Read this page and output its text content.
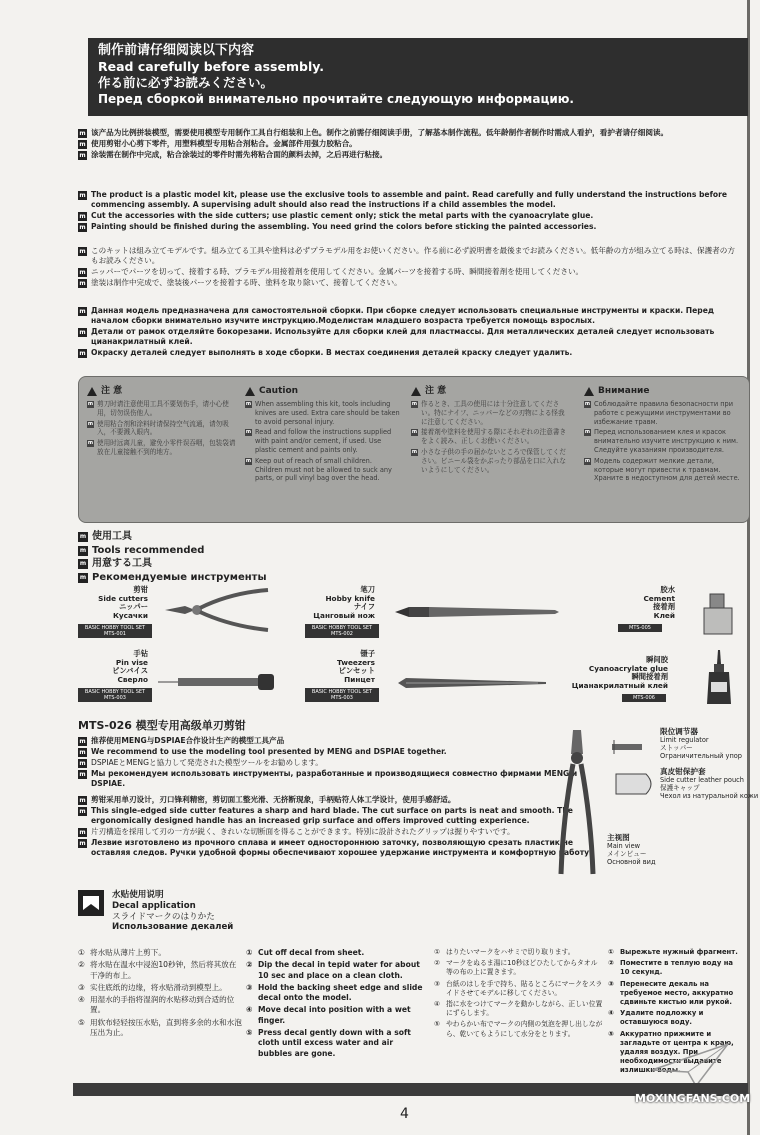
制作前请仔细阅读以下内容
Read carefully before assembly.
作る前に必ずお読みください。
Перед сборкой внимательно прочитайте следующую информацию.
m 该产品为比例拼装模型，需要使用模型专用制作工具自行组装和上色。制作之前需仔细阅读手册，了解基本制作流程。低年龄制作者制作时需成人看护，看护者请仔细阅读。
m 使用剪钳小心剪下零件，用塑料模型专用粘合剂粘合。金属部件用强力胶粘合。
m 涂装需在制作中完成，粘合涂装过的零件时需先将粘合面的颜料去掉，之后再进行粘接。
m The product is a plastic model kit, please use the exclusive tools to assemble and paint. Read carefully and fully understand the instructions before commencing assembly. A supervising adult should also read the instructions if a child assembles the model.
m Cut the accessories with the side cutters; use plastic cement only; stick the metal parts with the cyanoacrylate glue.
m Painting should be finished during the assembling. You need grind the colors before sticking the painted accessories.
m このキットは組み立てモデルです。組み立てる工具や塗料は必ずプラモデル用をお使いください。作る前に必ず説明書を最後までお読みください。低年齢の方が組み立てる時は、保護者の方もお読みください。
m ニッパーでパーツを切って、接着する時、プラモデル用接着剤を使用してください。金属パーツを接着する時、瞬間接着剤を使用してください。
m 塗装は制作中完成で、塗装後パーツを接着する時、塗料を取り除いて、接着してください。
m Данная модель предназначена для самостоятельной сборки. При сборке следует использовать специальные инструменты и краски. Перед началом сборки внимательно изучите инструкцию.Моделистам младшего возраста требуется помощь взрослых.
m Детали от рамок отделяйте бокорезами. Используйте для сборки клей для пластмассы. Для металлических деталей следует использовать цианакрилатный клей.
m Окраску деталей следует выполнять в ходе сборки. В местах соединения деталей краску следует удалить.
注 意
m 剪刀时请注意使用工具不要划伤手，请小心使用，切勿误伤他人。
m 使用粘合剂和涂料时请保持空气流通，请勿吸入，不要溅入眼内。
m 使用时远离儿童，避免小零件误吞咽，包装袋请放在儿童接触不到的地方。
Caution
m When assembling this kit, tools including knives are used. Extra care should be taken to avoid personal injury.
m Read and follow the instructions supplied with paint and/or cement, if used. Use plastic cement and paints only.
m Keep out of reach of small children. Children must not be allowed to suck any parts, or pull vinyl bag over the head.
注 意
m 作るとき、工具の使用には十分注意してください。特にナイフ、ニッパーなどの刃物による怪我に注意してください。
m 接着剤や塗料を使用する際にそれぞれの注意書きをよく読み、正しくお使いください。
m 小さな子供の手の届かないところで保管してください。ビニール袋をかぶったり部品を口に入れないようにしてください。
Внимание
m Соблюдайте правила безопасности при работе с режущими инструментами во избежание травм.
m Перед использованием клея и красок внимательно изучите инструкцию к ним. Следуйте указаниям производителя.
m Модель содержит мелкие детали, которые могут привести к травмам. Храните в недоступном для детей месте.
m 使用工具
m Tools recommended
m 用意する工具
m Рекомендуемые инструменты
剪钳
Side cutters
ニッパー
Кусачки
BASIC HOBBY TOOL SET
MTS-001
笔刀
Hobby knife
ナイフ
Цанговый нож
BASIC HOBBY TOOL SET
MTS-002
胶水
Cement
接着剤
Клей
MTS-005
手钻
Pin vise
ピンバイス
Сверло
BASIC HOBBY TOOL SET
MTS-003
镊子
Tweezers
ピンセット
Пинцет
BASIC HOBBY TOOL SET
MTS-003
瞬间胶
Cyanoacrylate glue
瞬間接着剤
Цианакрилатный клей
MTS-006
MTS-026 模型专用高级单刃剪钳
m 推荐使用MENG与DSPIAE合作设计生产的模型工具产品
m We recommend to use the modeling tool presented by MENG and DSPIAE together.
m DSPIAEとMENGと協力して発売された模型ツールをお勧めします。
m Мы рекомендуем использовать инструменты, разработанные и производящиеся совместно фирмами MENG и DSPIAE.
m 剪钳采用单刃设计，刃口锋利精密，剪切面工整光滑、无挤断现象，手柄贴符人体工学设计，使用手感舒适。
m This single-edged side cutter features a sharp and hard blade. The cut surface on parts is neat and smooth. The ergonomically designed handle has an increased grip surface and offers improved cutting experience.
m 片刃構造を採用して刃の一方が鋭く、きれいな切断面を得ることができます。特別に設計されたグリップは握りやすいです。
m Лезвие изготовлено из прочного сплава и имеет одностороннюю заточку, позволяющую срезать пластик не оставляя следов. Ручки удобной формы обеспечивают хорошее удержание инструмента и комфортную работу.
限位调节器
Limit regulator
ストッパー
Ограничительный упор
真皮钳保护套
Side cutter leather pouch
保護キャップ
Чехол из натуральной кожи
主视图
Main view
メインビュー
Основной вид
水贴使用说明
Decal application
スライドマークのはりかた
Использование декалей
① 将水贴从薄片上剪下。
② 将水贴在温水中浸泡10秒钟，然后将其放在干净的布上。
③ 实住底纸的边缘，将水贴滑动到模型上。
④ 用湿水的手指将湿润的水贴移动到合适的位置。
⑤ 用软布轻轻按压水贴，直到将多余的水和水泡压出为止。
① Cut off decal from sheet.
② Dip the decal in tepid water for about 10 sec and place on a clean cloth.
③ Hold the backing sheet edge and slide decal onto the model.
④ Move decal into position with a wet finger.
⑤ Press decal gently down with a soft cloth until excess water and air bubbles are gone.
① はりたいマークをハサミで切り取ります。
② マークをぬるま湯に10秒ほどひたしてからタオル等の布の上に置きます。
③ 台紙のはしを手で持ち、貼るところにマークをスライドさせてモデルに移してください。
④ 指に水をつけてマークを動かしながら、正しい位置にずらします。
⑤ やわらかい布でマークの内側の気泡を押し出しながら、乾いてもようにして水分をとります。
① Вырежьте нужный фрагмент.
② Поместите в теплую воду на 10 секунд.
③ Перенесите декаль на требуемое место, аккуратно сдвиньте кистью или рукой.
④ Удалите подложку и оставшуюся воду.
⑤ Аккуратно прижмите и загладьте от центра к краю, удаляя воздух. При необходимости выдавите излишки воды.
4
MOXINGFANS.COM
